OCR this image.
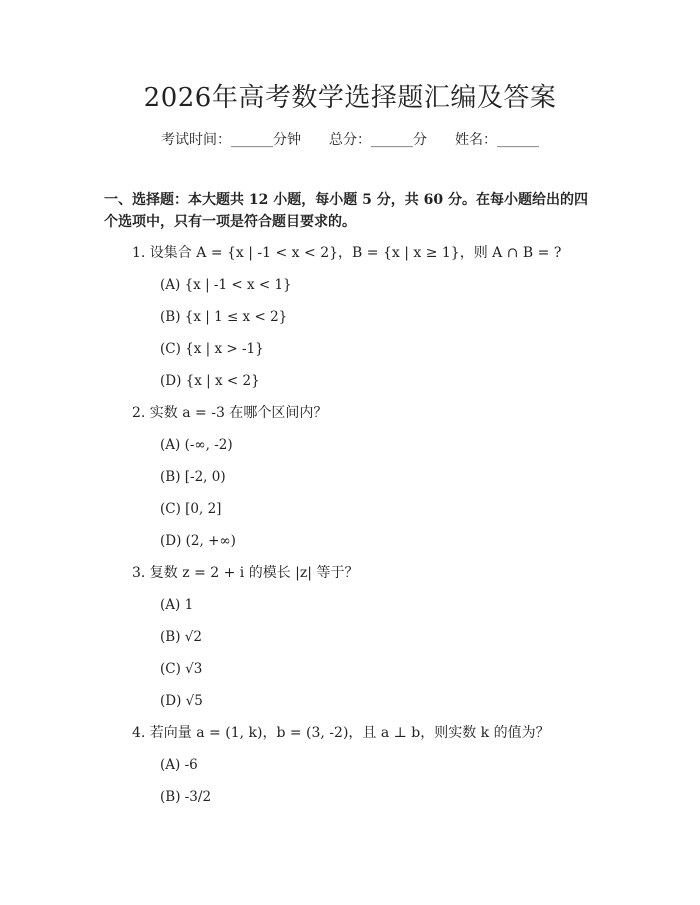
2026年高考数学选择题汇编及答案
考试时间：______分钟 总分：______分 姓名：______
一、选择题：本大题共 12 小题，每小题 5 分，共 60 分。在每小题给出的四个选项中，只有一项是符合题目要求的。
1. 设集合 A = {x | -1 < x < 2}，B = {x | x ≥ 1}，则 A ∩ B = ?
(A) {x | -1 < x < 1}
(B) {x | 1 ≤ x < 2}
(C) {x | x > -1}
(D) {x | x < 2}
2. 实数 a = -3 在哪个区间内？
(A) (-∞, -2)
(B) [-2, 0)
(C) [0, 2]
(D) (2, +∞)
3. 复数 z = 2 + i 的模长 |z| 等于？
(A) 1
(B) √2
(C) √3
(D) √5
4. 若向量 a = (1, k)，b = (3, -2)，且 a ⊥ b，则实数 k 的值为？
(A) -6
(B) -3/2
